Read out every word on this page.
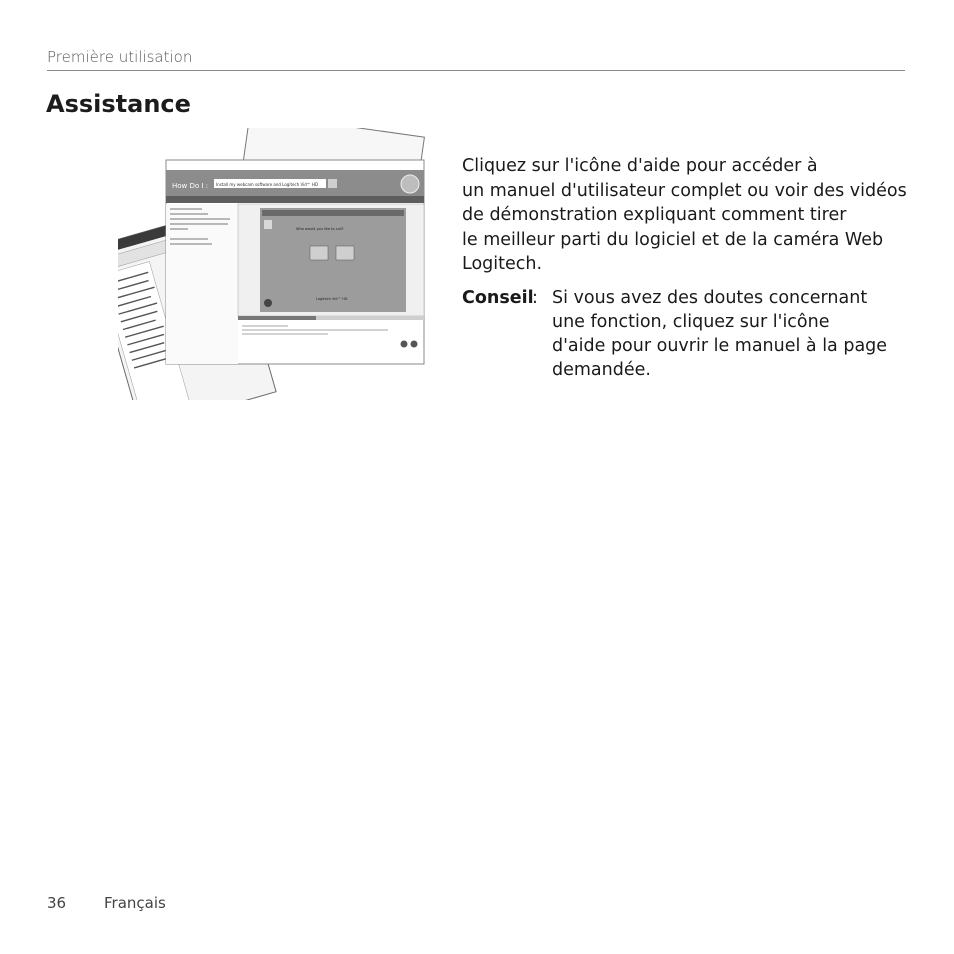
Première utilisation
Assistance
How Do I : Install my webcam software and Logitech Vid™ HD
Who would you like to call?
Logitech Vid™ HD
Cliquez sur l'icône d'aide pour accéder à
un manuel d'utilisateur complet ou voir des vidéos
de démonstration expliquant comment tirer
le meilleur parti du logiciel et de la caméra Web
Logitech.
Conseil
: Si vous avez des doutes concernant
une fonction, cliquez sur l'icône
d'aide pour ouvrir le manuel à la page
demandée.
36	Français
